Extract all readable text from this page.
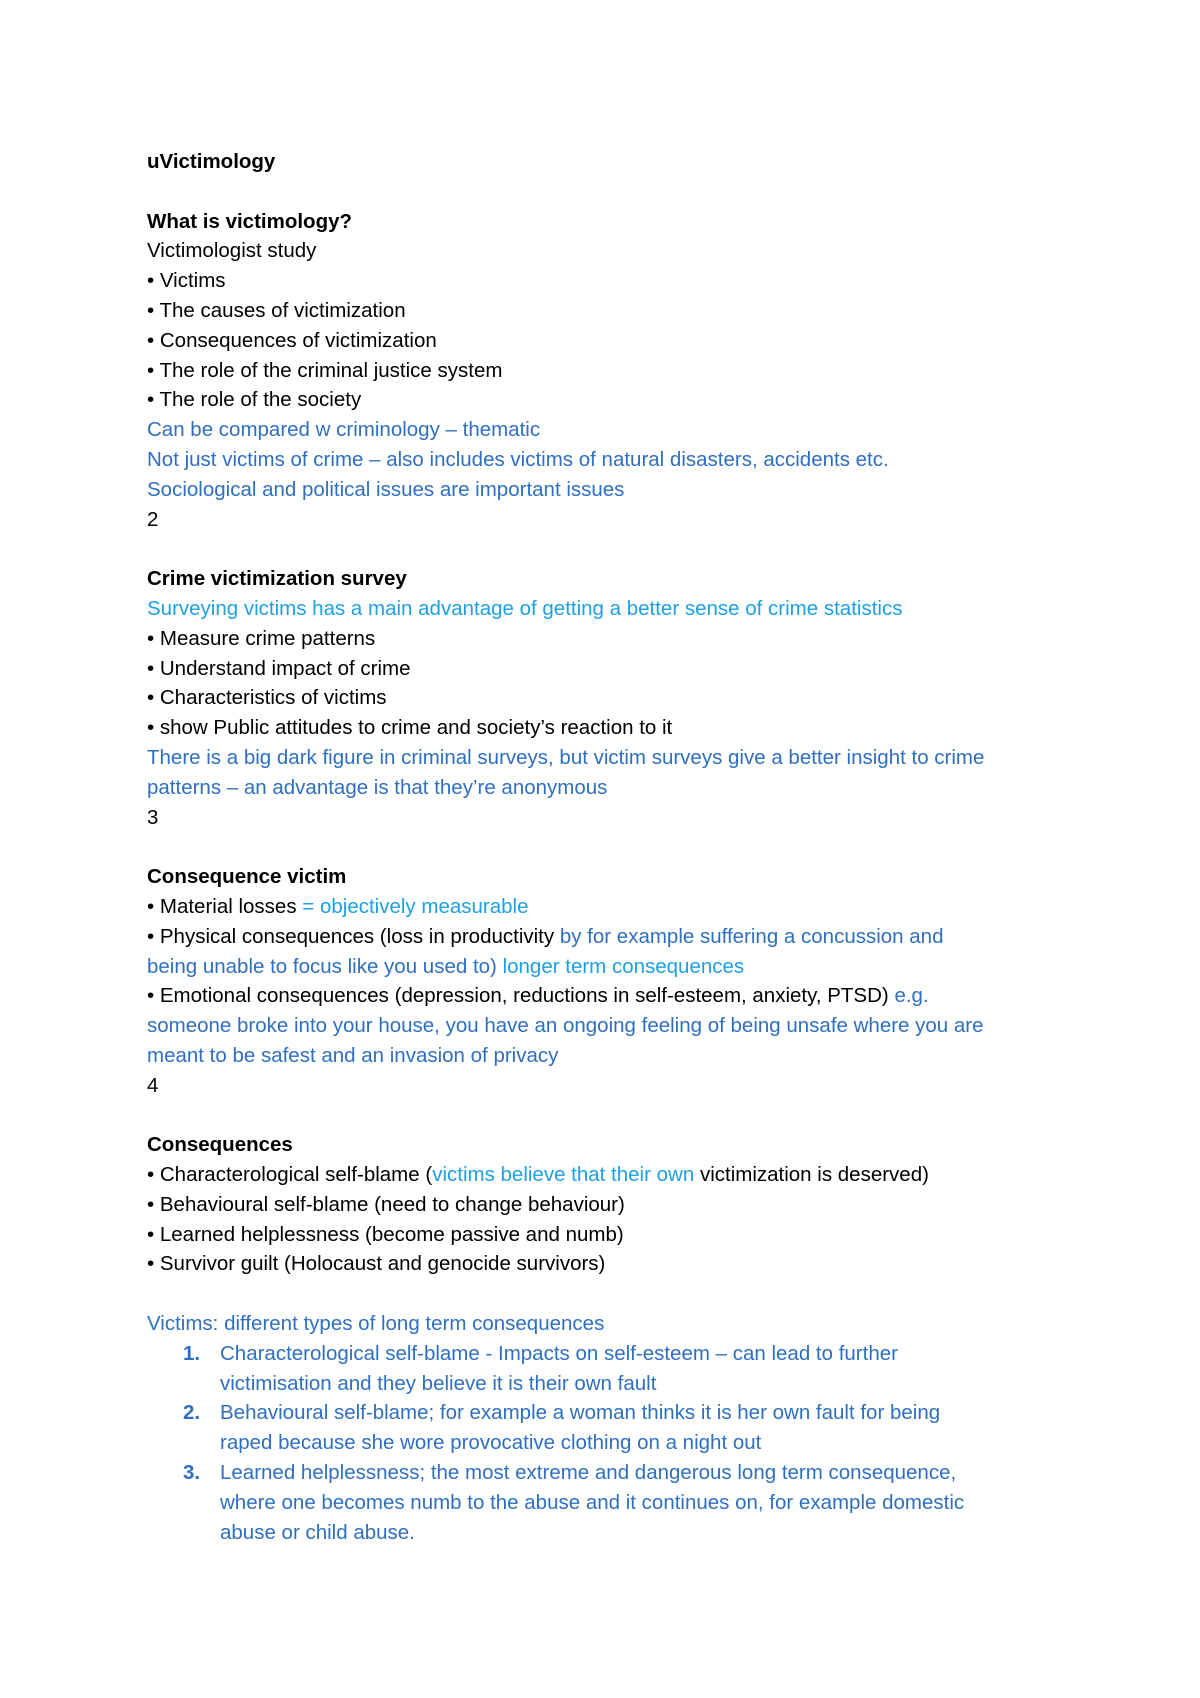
uVictimology
What is victimology?
Victimologist study
• Victims
• The causes of victimization
• Consequences of victimization
• The role of the criminal justice system
• The role of the society
Can be compared w criminology – thematic
Not just victims of crime – also includes victims of natural disasters, accidents etc.
Sociological and political issues are important issues
2
Crime victimization survey
Surveying victims has a main advantage of getting a better sense of crime statistics
• Measure crime patterns
• Understand impact of crime
• Characteristics of victims
• show Public attitudes to crime and society’s reaction to it
There is a big dark figure in criminal surveys, but victim surveys give a better insight to crime
patterns – an advantage is that they’re anonymous
3
Consequence victim
• Material losses = objectively measurable
• Physical consequences (loss in productivity by for example suffering a concussion and
being unable to focus like you used to) longer term consequences
• Emotional consequences (depression, reductions in self-esteem, anxiety, PTSD) e.g.
someone broke into your house, you have an ongoing feeling of being unsafe where you are
meant to be safest and an invasion of privacy
4
Consequences
• Characterological self-blame (victims believe that their own victimization is deserved)
• Behavioural self-blame (need to change behaviour)
• Learned helplessness (become passive and numb)
• Survivor guilt (Holocaust and genocide survivors)
Victims: different types of long term consequences
1. Characterological self-blame - Impacts on self-esteem – can lead to further
victimisation and they believe it is their own fault
2. Behavioural self-blame; for example a woman thinks it is her own fault for being
raped because she wore provocative clothing on a night out
3. Learned helplessness; the most extreme and dangerous long term consequence,
where one becomes numb to the abuse and it continues on, for example domestic
abuse or child abuse.
